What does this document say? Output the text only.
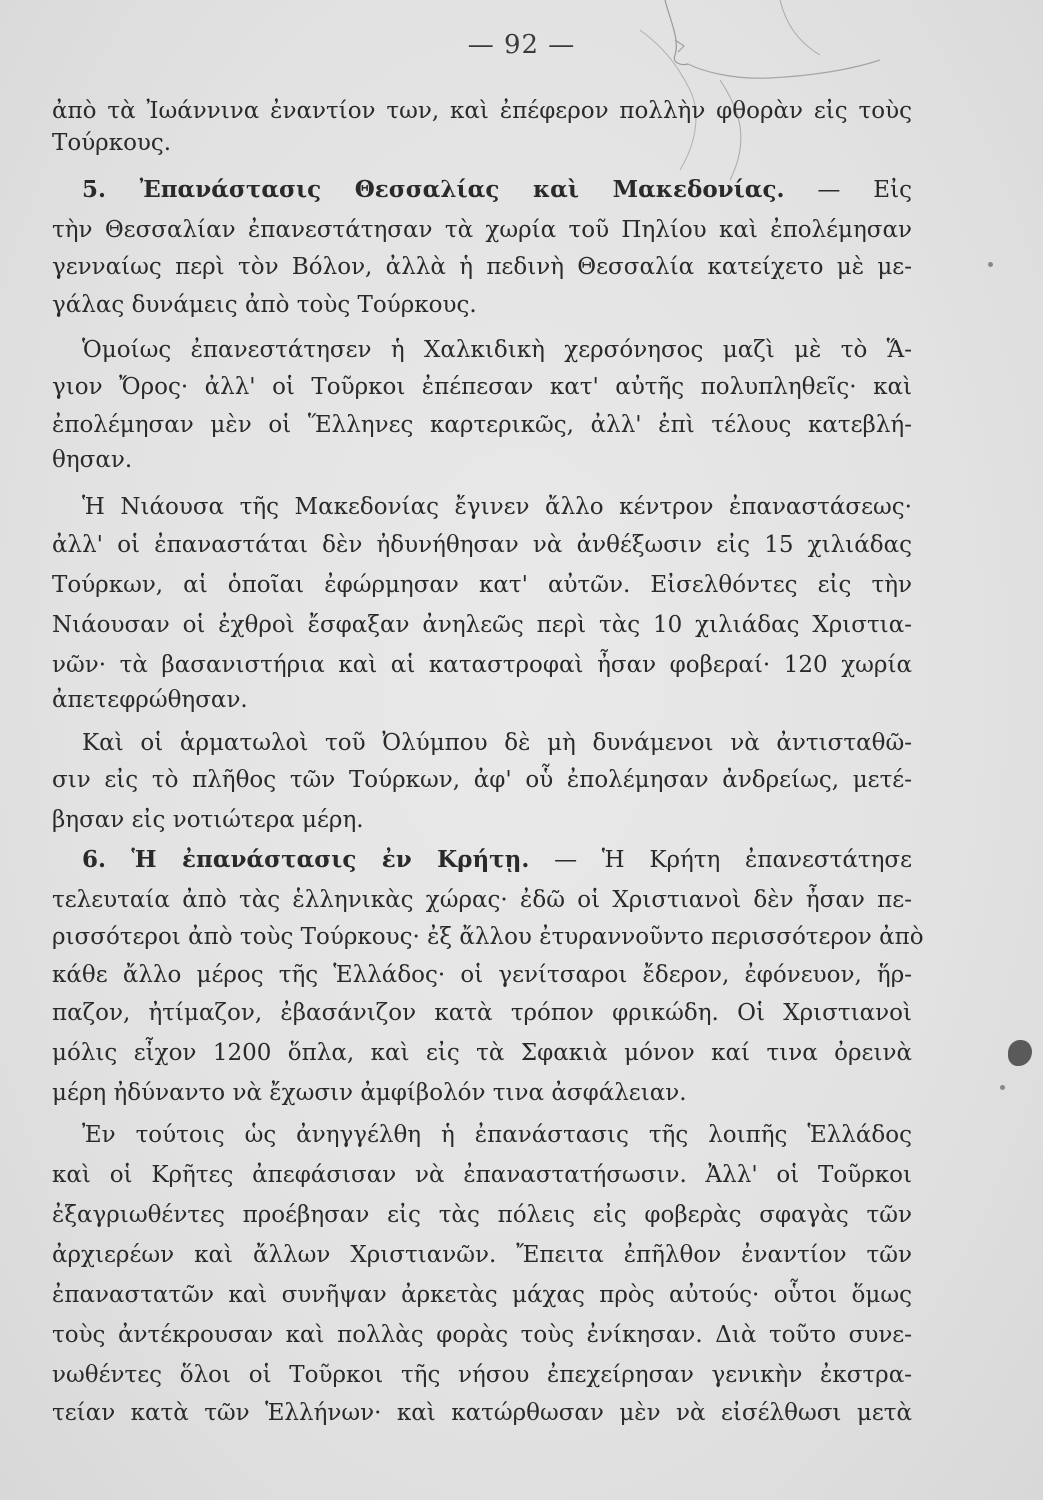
— 92 —
ἀπὸ τὰ Ἰωάννινα ἐναντίον των, καὶ ἐπέφερον πολλὴν φθορὰν εἰς τοὺς
Τούρκους.
5. Ἐπανάστασις Θεσσαλίας καὶ Μακεδονίας. — Εἰς
τὴν Θεσσαλίαν ἐπανεστάτησαν τὰ χωρία τοῦ Πηλίου καὶ ἐπολέμησαν
γενναίως περὶ τὸν Βόλον, ἀλλὰ ἡ πεδινὴ Θεσσαλία κατείχετο μὲ με-
γάλας δυνάμεις ἀπὸ τοὺς Τούρκους.
Ὁμοίως ἐπανεστάτησεν ἡ Χαλκιδικὴ χερσόνησος μαζὶ μὲ τὸ Ἅ-
γιον Ὄρος· ἀλλ' οἱ Τοῦρκοι ἐπέπεσαν κατ' αὐτῆς πολυπληθεῖς· καὶ
ἐπολέμησαν μὲν οἱ Ἕλληνες καρτερικῶς, ἀλλ' ἐπὶ τέλους κατεβλή-
θησαν.
Ἡ Νιάουσα τῆς Μακεδονίας ἔγινεν ἄλλο κέντρον ἐπαναστάσεως·
ἀλλ' οἱ ἐπαναστάται δὲν ἠδυνήθησαν νὰ ἀνθέξωσιν εἰς 15 χιλιάδας
Τούρκων, αἱ ὁποῖαι ἐφώρμησαν κατ' αὐτῶν. Εἰσελθόντες εἰς τὴν
Νιάουσαν οἱ ἐχθροὶ ἔσφαξαν ἀνηλεῶς περὶ τὰς 10 χιλιάδας Χριστια-
νῶν· τὰ βασανιστήρια καὶ αἱ καταστροφαὶ ἦσαν φοβεραί· 120 χωρία
ἀπετεφρώθησαν.
Καὶ οἱ ἁρματωλοὶ τοῦ Ὀλύμπου δὲ μὴ δυνάμενοι νὰ ἀντισταθῶ-
σιν εἰς τὸ πλῆθος τῶν Τούρκων, ἀφ' οὗ ἐπολέμησαν ἀνδρείως, μετέ-
βησαν εἰς νοτιώτερα μέρη.
6. Ἡ ἐπανάστασις ἐν Κρήτῃ. — Ἡ Κρήτη ἐπανεστάτησε
τελευταία ἀπὸ τὰς ἑλληνικὰς χώρας· ἐδῶ οἱ Χριστιανοὶ δὲν ἦσαν πε-
ρισσότεροι ἀπὸ τοὺς Τούρκους· ἐξ ἄλλου ἐτυραννοῦντο περισσότερον ἀπὸ
κάθε ἄλλο μέρος τῆς Ἑλλάδος· οἱ γενίτσαροι ἔδερον, ἐφόνευον, ἥρ-
παζον, ἠτίμαζον, ἐβασάνιζον κατὰ τρόπον φρικώδη. Οἱ Χριστιανοὶ
μόλις εἶχον 1200 ὅπλα, καὶ εἰς τὰ Σφακιὰ μόνον καί τινα ὀρεινὰ
μέρη ἠδύναντο νὰ ἔχωσιν ἀμφίβολόν τινα ἀσφάλειαν.
Ἐν τούτοις ὡς ἀνηγγέλθη ἡ ἐπανάστασις τῆς λοιπῆς Ἑλλάδος
καὶ οἱ Κρῆτες ἀπεφάσισαν νὰ ἐπαναστατήσωσιν. Ἀλλ' οἱ Τοῦρκοι
ἐξαγριωθέντες προέβησαν εἰς τὰς πόλεις εἰς φοβερὰς σφαγὰς τῶν
ἀρχιερέων καὶ ἄλλων Χριστιανῶν. Ἔπειτα ἐπῆλθον ἐναντίον τῶν
ἐπαναστατῶν καὶ συνῆψαν ἀρκετὰς μάχας πρὸς αὐτούς· οὗτοι ὅμως
τοὺς ἀντέκρουσαν καὶ πολλὰς φορὰς τοὺς ἐνίκησαν. Διὰ τοῦτο συνε-
νωθέντες ὅλοι οἱ Τοῦρκοι τῆς νήσου ἐπεχείρησαν γενικὴν ἐκστρα-
τείαν κατὰ τῶν Ἑλλήνων· καὶ κατώρθωσαν μὲν νὰ εἰσέλθωσι μετὰ
